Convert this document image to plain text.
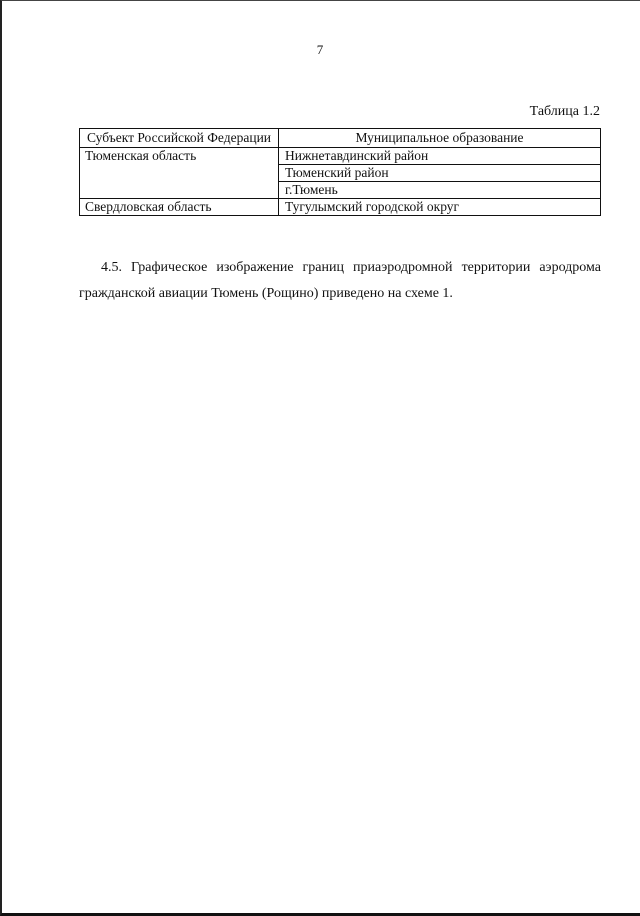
7
Таблица 1.2
Субъект Российской Федерации	Муниципальное образование
Тюменская область	Нижнетавдинский район
	Тюменский район
	г.Тюмень
Свердловская область	Тугулымский городской округ

4.5. Графическое изображение границ приаэродромной территории аэродрома гражданской авиации Тюмень (Рощино) приведено на схеме 1.
